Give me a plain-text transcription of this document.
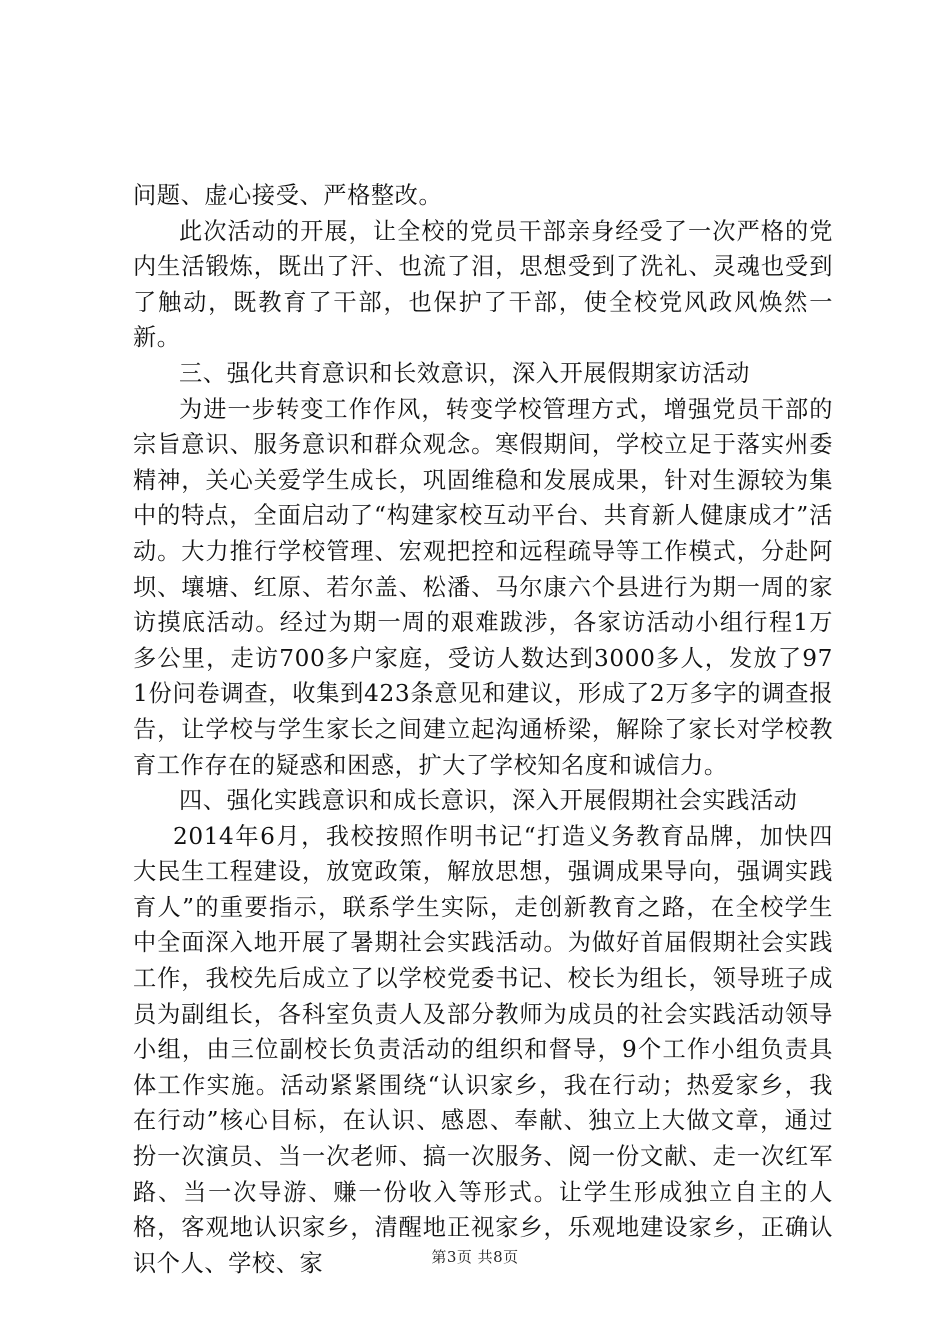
问题、虚心接受、严格整改。

此次活动的开展，让全校的党员干部亲身经受了一次严格的党内生活锻炼，既出了汗、也流了泪，思想受到了洗礼、灵魂也受到了触动，既教育了干部，也保护了干部，使全校党风政风焕然一新。

三、强化共育意识和长效意识，深入开展假期家访活动

为进一步转变工作作风，转变学校管理方式，增强党员干部的宗旨意识、服务意识和群众观念。寒假期间，学校立足于落实州委精神，关心关爱学生成长，巩固维稳和发展成果，针对生源较为集中的特点，全面启动了“构建家校互动平台、共育新人健康成才”活动。大力推行学校管理、宏观把控和远程疏导等工作模式，分赴阿坝、壤塘、红原、若尔盖、松潘、马尔康六个县进行为期一周的家访摸底活动。经过为期一周的艰难跋涉，各家访活动小组行程1万多公里，走访700多户家庭，受访人数达到3000多人，发放了971份问卷调查，收集到423条意见和建议，形成了2万多字的调查报告，让学校与学生家长之间建立起沟通桥梁，解除了家长对学校教育工作存在的疑惑和困惑，扩大了学校知名度和诚信力。

四、强化实践意识和成长意识，深入开展假期社会实践活动

2014年6月，我校按照作明书记“打造义务教育品牌，加快四大民生工程建设，放宽政策，解放思想，强调成果导向，强调实践育人”的重要指示，联系学生实际，走创新教育之路，在全校学生中全面深入地开展了暑期社会实践活动。为做好首届假期社会实践工作，我校先后成立了以学校党委书记、校长为组长，领导班子成员为副组长，各科室负责人及部分教师为成员的社会实践活动领导小组，由三位副校长负责活动的组织和督导，9个工作小组负责具体工作实施。活动紧紧围绕“认识家乡，我在行动；热爱家乡，我在行动”核心目标，在认识、感恩、奉献、独立上大做文章，通过扮一次演员、当一次老师、搞一次服务、阅一份文献、走一次红军路、当一次导游、赚一份收入等形式。让学生形成独立自主的人格，客观地认识家乡，清醒地正视家乡，乐观地建设家乡，正确认识个人、学校、家	第3页 共8页
